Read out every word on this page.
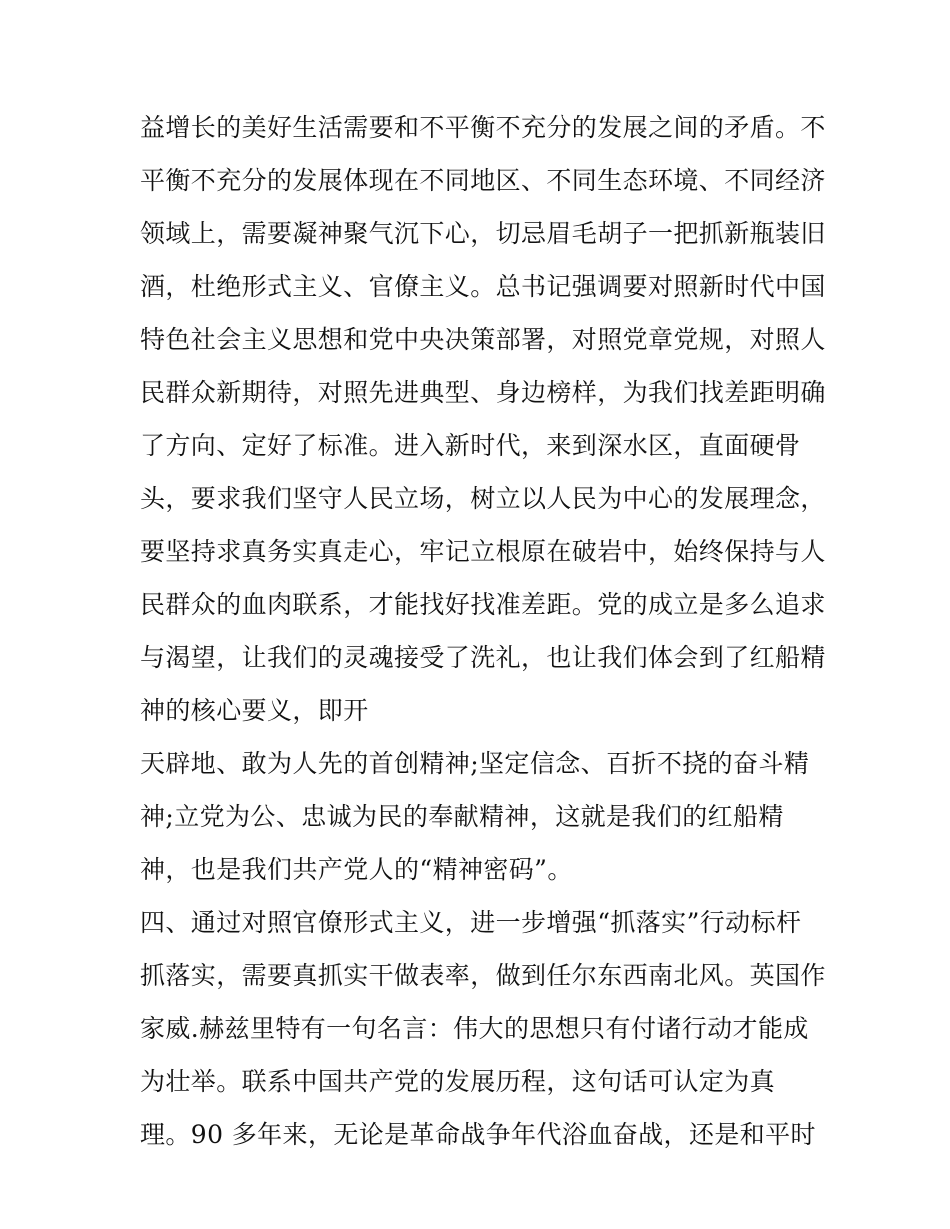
益增长的美好生活需要和不平衡不充分的发展之间的矛盾。不
平衡不充分的发展体现在不同地区、不同生态环境、不同经济
领域上，需要凝神聚气沉下心，切忌眉毛胡子一把抓新瓶装旧
酒，杜绝形式主义、官僚主义。总书记强调要对照新时代中国
特色社会主义思想和党中央决策部署，对照党章党规，对照人
民群众新期待，对照先进典型、身边榜样，为我们找差距明确
了方向、定好了标准。进入新时代，来到深水区，直面硬骨
头，要求我们坚守人民立场，树立以人民为中心的发展理念，
要坚持求真务实真走心，牢记立根原在破岩中，始终保持与人
民群众的血肉联系，才能找好找准差距。党的成立是多么追求
与渴望，让我们的灵魂接受了洗礼，也让我们体会到了红船精
神的核心要义，即开
天辟地、敢为人先的首创精神;坚定信念、百折不挠的奋斗精
神;立党为公、忠诚为民的奉献精神，这就是我们的红船精
神，也是我们共产党人的“精神密码”。
四、通过对照官僚形式主义，进一步增强“抓落实”行动标杆
抓落实，需要真抓实干做表率，做到任尔东西南北风。英国作
家威.赫兹里特有一句名言：伟大的思想只有付诸行动才能成
为壮举。联系中国共产党的发展历程，这句话可认定为真
理。90 多年来，无论是革命战争年代浴血奋战，还是和平时
